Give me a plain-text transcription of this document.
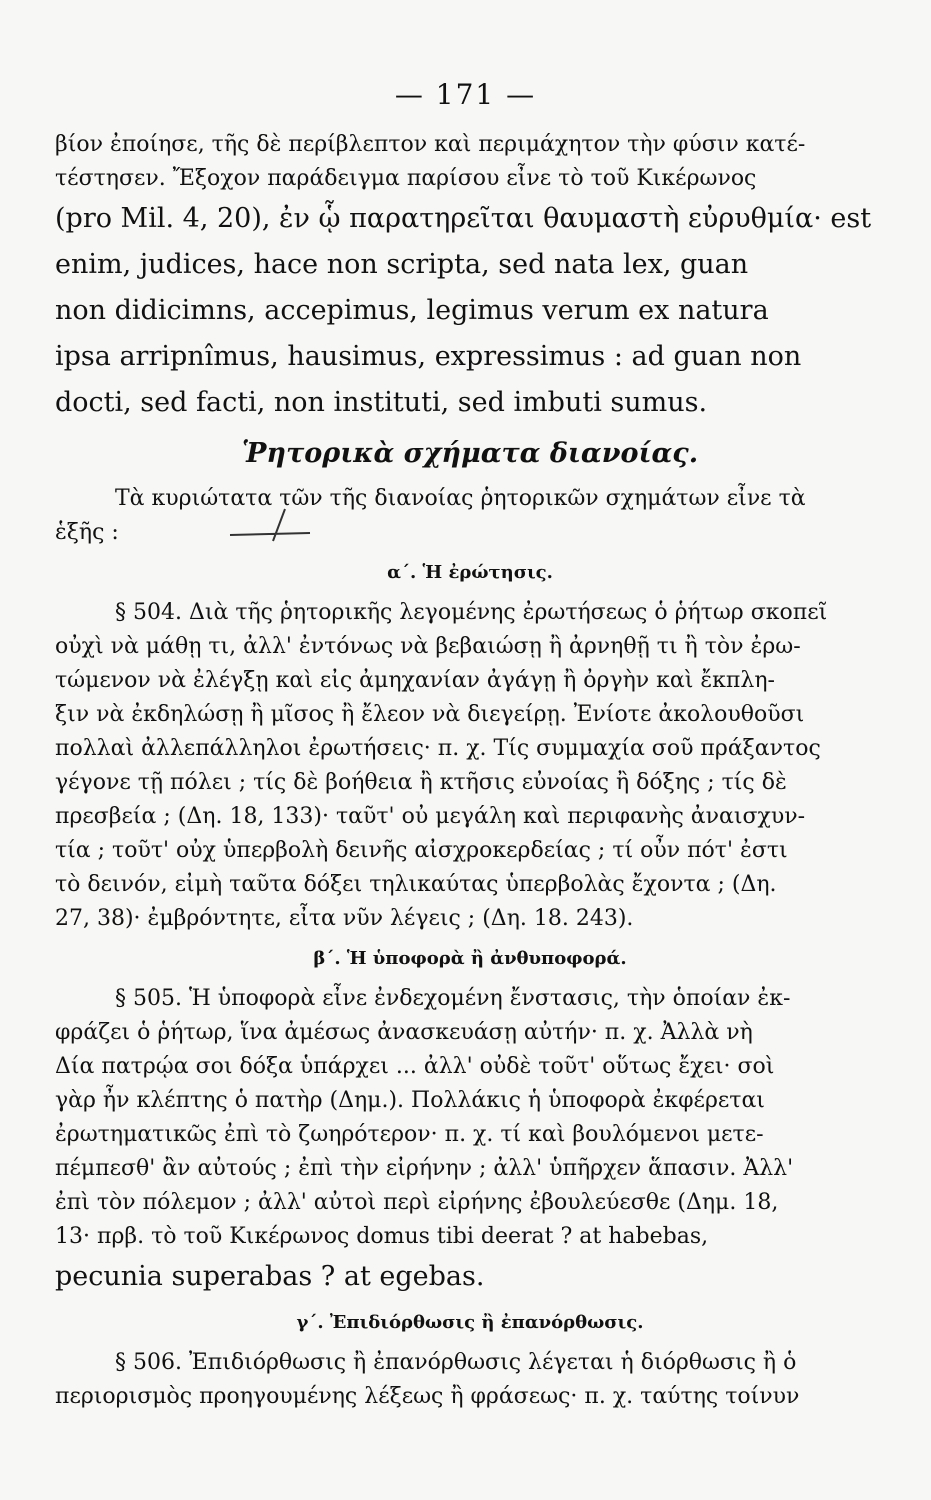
— 171 —
βίον ἐποίησε, τῆς δὲ περίβλεπτον καὶ περιμάχητον τὴν φύσιν κατέ-
τέστησεν. Ἔξοχον παράδειγμα παρίσου εἶνε τὸ τοῦ Κικέρωνος
(pro Mil. 4, 20), ἐν ᾧ παρατηρεῖται θαυμαστὴ εὐρυθμία· est
enim, judices, hace non scripta, sed nata lex, guan
non didicimns, accepimus, legimus verum ex natura
ipsa arripnîmus, hausimus, expressimus : ad guan non
docti, sed facti, non instituti, sed imbuti sumus.
Ῥητορικὰ σχήματα διανοίας.
Τὰ κυριώτατα τῶν τῆς διανοίας ῥητορικῶν σχημάτων εἶνε τὰ
ἑξῆς :
α΄. Ἡ ἐρώτησις.
§ 504. Διὰ τῆς ῥητορικῆς λεγομένης ἐρωτήσεως ὁ ῥήτωρ σκοπεῖ
οὐχὶ νὰ μάθῃ τι, ἀλλ' ἐντόνως νὰ βεβαιώσῃ ἢ ἀρνηθῇ τι ἢ τὸν ἐρω-
τώμενον νὰ ἐλέγξῃ καὶ εἰς ἀμηχανίαν ἀγάγῃ ἢ ὀργὴν καὶ ἔκπλη-
ξιν νὰ ἐκδηλώσῃ ἢ μῖσος ἢ ἔλεον νὰ διεγείρῃ. Ἐνίοτε ἀκολουθοῦσι
πολλαὶ ἀλλεπάλληλοι ἐρωτήσεις· π. χ. Τίς συμμαχία σοῦ πράξαντος
γέγονε τῇ πόλει ; τίς δὲ βοήθεια ἢ κτῆσις εὐνοίας ἢ δόξης ; τίς δὲ
πρεσβεία ; (Δη. 18, 133)· ταῦτ' οὐ μεγάλη καὶ περιφανὴς ἀναισχυν-
τία ; τοῦτ' οὐχ ὑπερβολὴ δεινῆς αἰσχροκερδείας ; τί οὖν πότ' ἐστι
τὸ δεινόν, εἰμὴ ταῦτα δόξει τηλικαύτας ὑπερβολὰς ἔχοντα ; (Δη.
27, 38)· ἐμβρόντητε, εἶτα νῦν λέγεις ; (Δη. 18. 243).
β΄. Ἡ ὑποφορὰ ἢ ἀνθυποφορά.
§ 505. Ἡ ὑποφορὰ εἶνε ἐνδεχομένη ἔνστασις, τὴν ὁποίαν ἐκ-
φράζει ὁ ῥήτωρ, ἵνα ἀμέσως ἀνασκευάσῃ αὐτήν· π. χ. Ἀλλὰ νὴ
Δία πατρῴα σοι δόξα ὑπάρχει ... ἀλλ' οὐδὲ τοῦτ' οὕτως ἔχει· σοὶ
γὰρ ἦν κλέπτης ὁ πατὴρ (Δημ.). Πολλάκις ἡ ὑποφορὰ ἐκφέρεται
ἐρωτηματικῶς ἐπὶ τὸ ζωηρότερον· π. χ. τί καὶ βουλόμενοι μετε-
πέμπεσθ' ἂν αὐτούς ; ἐπὶ τὴν εἰρήνην ; ἀλλ' ὑπῆρχεν ἅπασιν. Ἀλλ'
ἐπὶ τὸν πόλεμον ; ἀλλ' αὐτοὶ περὶ εἰρήνης ἐβουλεύεσθε (Δημ. 18,
13· πρβ. τὸ τοῦ Κικέρωνος domus tibi deerat ? at habebas,
pecunia superabas ? at egebas.
γ΄. Ἐπιδιόρθωσις ἢ ἐπανόρθωσις.
§ 506. Ἐπιδιόρθωσις ἢ ἐπανόρθωσις λέγεται ἡ διόρθωσις ἢ ὁ
περιορισμὸς προηγουμένης λέξεως ἢ φράσεως· π. χ. ταύτης τοίνυν
